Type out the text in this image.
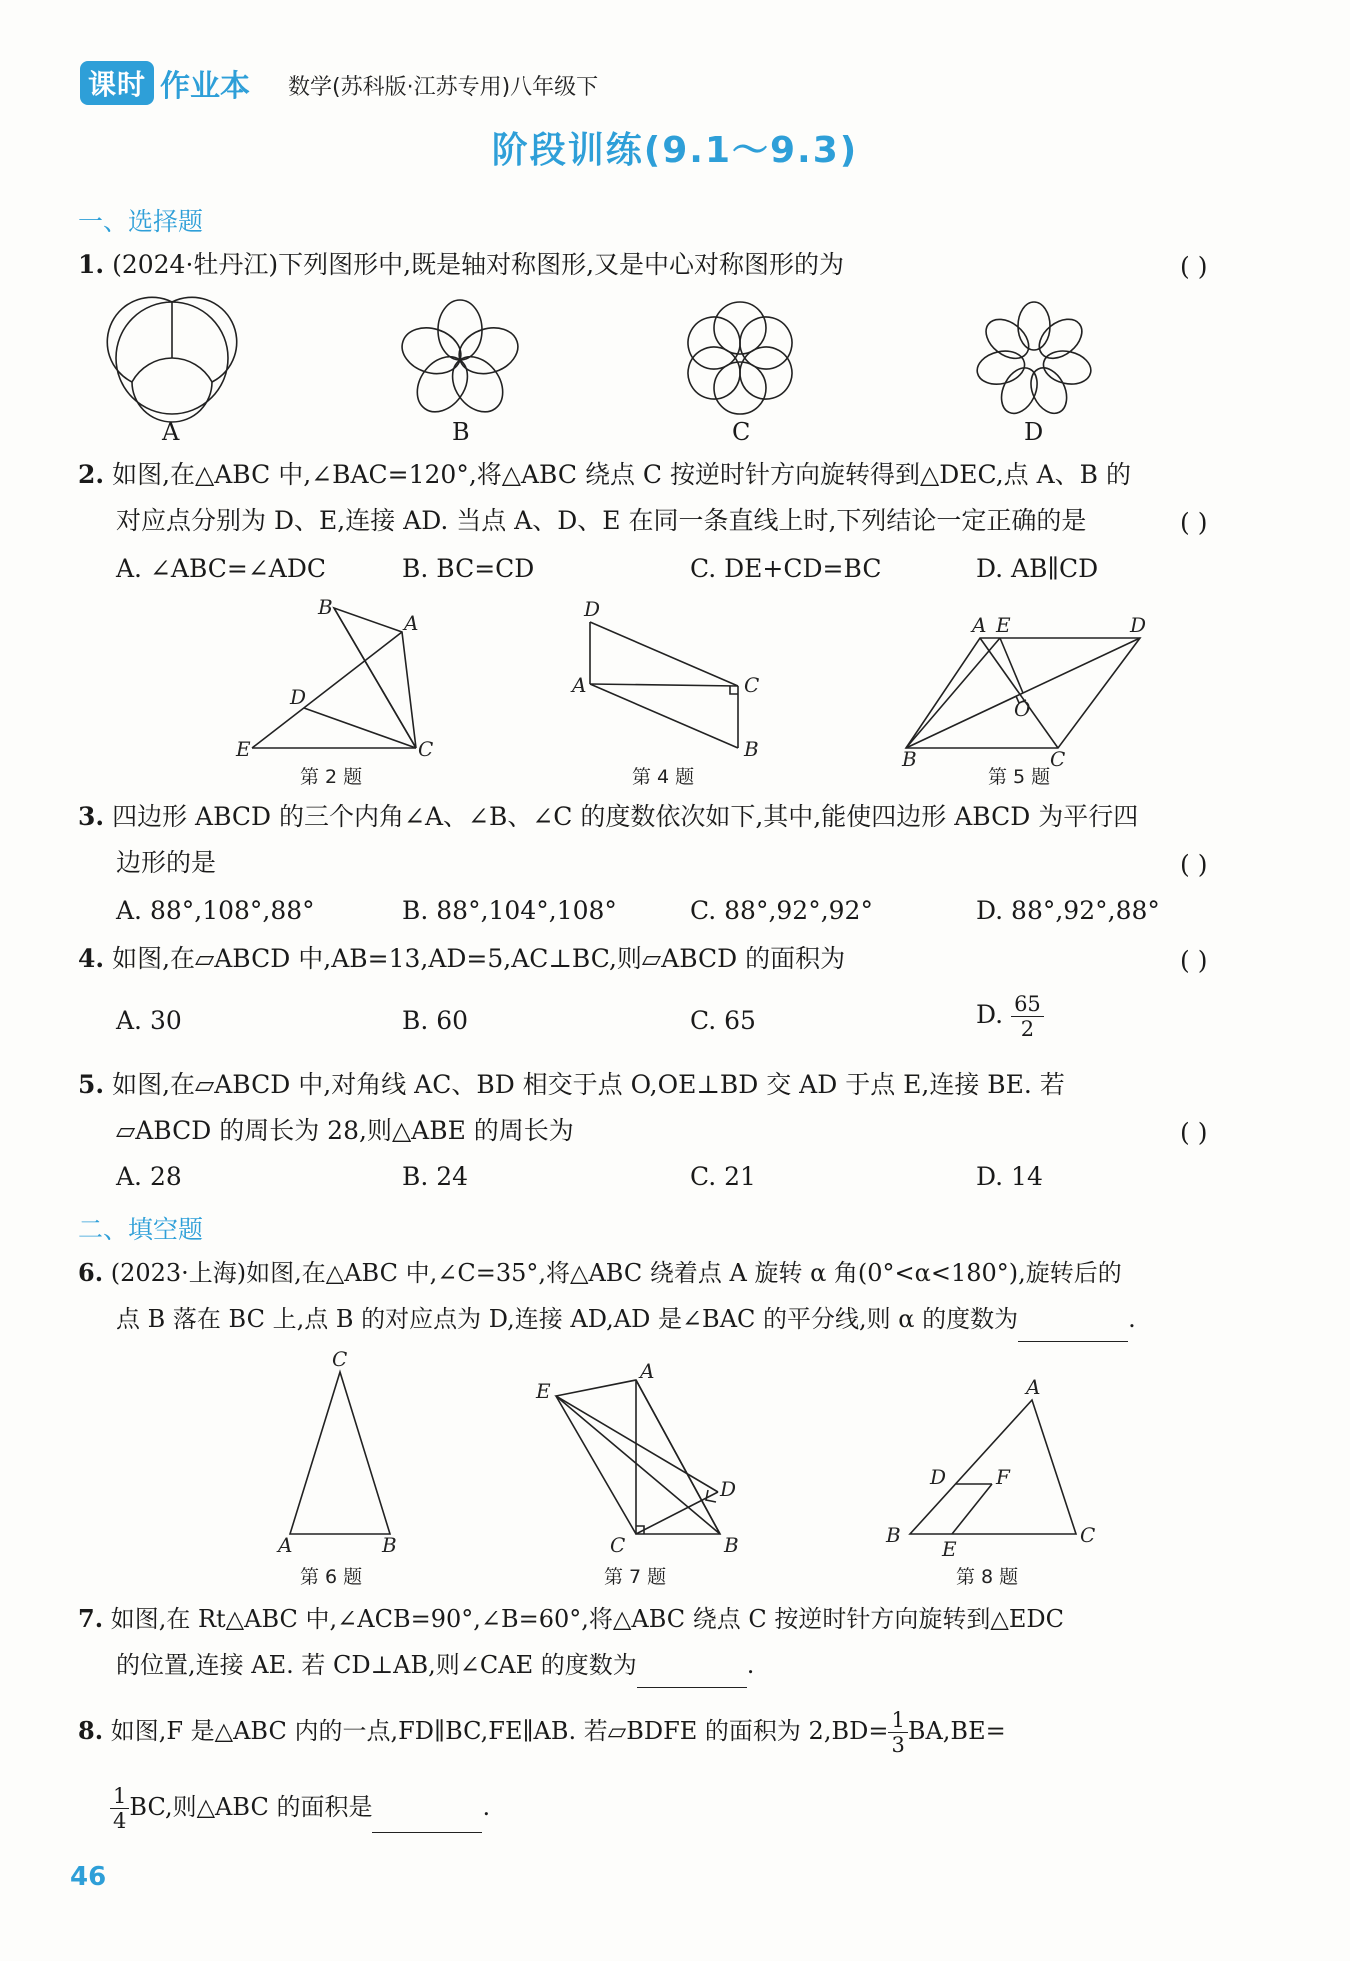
课时 作业本 数学(苏科版·江苏专用)八年级下
阶段训练(9.1～9.3)
一、选择题
1. (2024·牡丹江)下列图形中,既是轴对称图形,又是中心对称图形的为	( )
A	B	C	D
2. 如图,在△ABC 中,∠BAC=120°,将△ABC 绕点 C 按逆时针方向旋转得到△DEC,点 A、B 的
对应点分别为 D、E,连接 AD. 当点 A、D、E 在同一条直线上时,下列结论一定正确的是	( )
A. ∠ABC=∠ADC	B. BC=CD	C. DE+CD=BC	D. AB∥CD
B
A
D
E	C
D
A	C
B
A E	D
O
B	C
第 2 题	第 4 题	第 5 题
3. 四边形 ABCD 的三个内角∠A、∠B、∠C 的度数依次如下,其中,能使四边形 ABCD 为平行四
边形的是	( )
A. 88°,108°,88°	B. 88°,104°,108°	C. 88°,92°,92°	D. 88°,92°,88°
4. 如图,在▱ABCD 中,AB=13,AD=5,AC⊥BC,则▱ABCD 的面积为	( )
A. 30	B. 60	C. 65	D. $\frac{65}{2}$
5. 如图,在▱ABCD 中,对角线 AC、BD 相交于点 O,OE⊥BD 交 AD 于点 E,连接 BE. 若
▱ABCD 的周长为 28,则△ABE 的周长为	( )
A. 28	B. 24	C. 21	D. 14
二、填空题
6. (2023·上海)如图,在△ABC 中,∠C=35°,将△ABC 绕着点 A 旋转 α 角(0°<α<180°),旋转后的
点 B 落在 BC 上,点 B 的对应点为 D,连接 AD,AD 是∠BAC 的平分线,则 α 的度数为	.
C
A	B
E
A
D
C	B
A
D F
B	C
E
第 6 题	第 7 题	第 8 题
7. 如图,在 Rt△ABC 中,∠ACB=90°,∠B=60°,将△ABC 绕点 C 按逆时针方向旋转到△EDC
的位置,连接 AE. 若 CD⊥AB,则∠CAE 的度数为	.
8. 如图,F 是△ABC 内的一点,FD∥BC,FE∥AB. 若▱BDFE 的面积为 $2,BD= \frac{1}{3} BA,BE=$
$\frac{1}{4}$ BC,则△ABC 的面积是	.
46
